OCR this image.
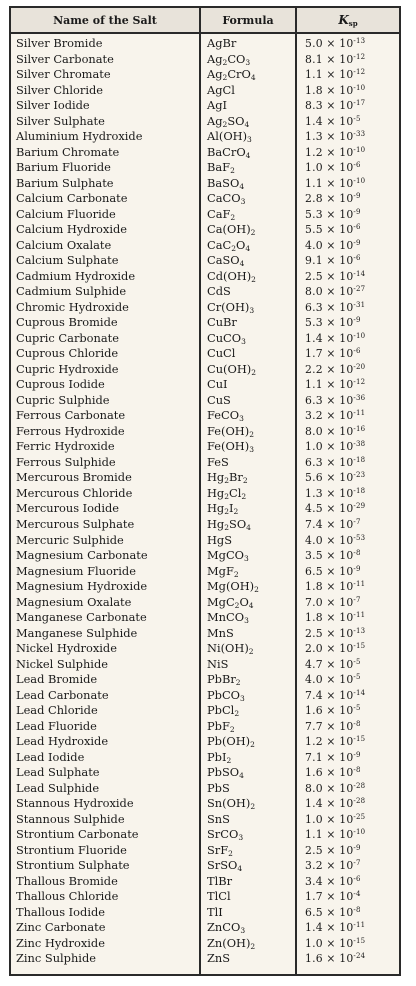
Name of the Salt	Formula	$K_{sp}$
Silver Bromide
Silver Carbonate
Silver Chromate
Silver Chloride
Silver Iodide
Silver Sulphate
Aluminium Hydroxide
Barium Chromate
Barium Fluoride
Barium Sulphate
Calcium Carbonate
Calcium Fluoride
Calcium Hydroxide
Calcium Oxalate
Calcium Sulphate
Cadmium Hydroxide
Cadmium Sulphide
Chromic Hydroxide
Cuprous Bromide
Cupric Carbonate
Cuprous Chloride
Cupric Hydroxide
Cuprous Iodide
Cupric Sulphide
Ferrous Carbonate
Ferrous Hydroxide
Ferric Hydroxide
Ferrous Sulphide
Mercurous Bromide
Mercurous Chloride
Mercurous Iodide
Mercurous Sulphate
Mercuric Sulphide
Magnesium Carbonate
Magnesium Fluoride
Magnesium Hydroxide
Magnesium Oxalate
Manganese Carbonate
Manganese Sulphide
Nickel Hydroxide
Nickel Sulphide
Lead Bromide
Lead Carbonate
Lead Chloride
Lead Fluoride
Lead Hydroxide
Lead Iodide
Lead Sulphate
Lead Sulphide
Stannous Hydroxide
Stannous Sulphide
Strontium Carbonate
Strontium Fluoride
Strontium Sulphate
Thallous Bromide
Thallous Chloride
Thallous Iodide
Zinc Carbonate
Zinc Hydroxide
Zinc Sulphide
AgBr
$Ag_2CO_3$
$Ag_2CrO_4$
AgCl
AgI
$Ag_2SO_4$
$Al(OH)_3$
BaCrO$_4$
BaF$_2$
BaSO$_4$
CaCO$_3$
CaF$_2$
$Ca(OH)_2$
$CaC_2O_4$
CaSO$_4$
$Cd(OH)_2$
CdS
$Cr(OH)_3$
CuBr
CuCO$_3$
CuCl
$Cu(OH)_2$
CuI
CuS
FeCO$_3$
$Fe(OH)_2$
$Fe(OH)_3$
FeS
$Hg_2Br_2$
$Hg_2Cl_2$
$Hg_2I_2$
$Hg_2SO_4$
HgS
MgCO$_3$
MgF$_2$
$Mg(OH)_2$
$MgC_2O_4$
MnCO$_3$
MnS
$Ni(OH)_2$
NiS
PbBr$_2$
PbCO$_3$
PbCl$_2$
PbF$_2$
$Pb(OH)_2$
PbI$_2$
PbSO$_4$
PbS
$Sn(OH)_2$
SnS
SrCO$_3$
SrF$_2$
SrSO$_4$
TlBr
TlCl
TlI
ZnCO$_3$
$Zn(OH)_2$
ZnS
$5.0 \times 10^{-13}$
$8.1 \times 10^{-12}$
$1.1 \times 10^{-12}$
$1.8 \times 10^{-10}$
$8.3 \times 10^{-17}$
$1.4 \times 10^{-5}$
$1.3 \times 10^{-33}$
$1.2 \times 10^{-10}$
$1.0 \times 10^{-6}$
$1.1 \times 10^{-10}$
$2.8 \times 10^{-9}$
$5.3 \times 10^{-9}$
$5.5 \times 10^{-6}$
$4.0 \times 10^{-9}$
$9.1 \times 10^{-6}$
$2.5 \times 10^{-14}$
$8.0 \times 10^{-27}$
$6.3 \times 10^{-31}$
$5.3 \times 10^{-9}$
$1.4 \times 10^{-10}$
$1.7 \times 10^{-6}$
$2.2 \times 10^{-20}$
$1.1 \times 10^{-12}$
$6.3 \times 10^{-36}$
$3.2 \times 10^{-11}$
$8.0 \times 10^{-16}$
$1.0 \times 10^{-38}$
$6.3 \times 10^{-18}$
$5.6 \times 10^{-23}$
$1.3 \times 10^{-18}$
$4.5 \times 10^{-29}$
$7.4 \times 10^{-7}$
$4.0 \times 10^{-53}$
$3.5 \times 10^{-8}$
$6.5 \times 10^{-9}$
$1.8 \times 10^{-11}$
$7.0 \times 10^{-7}$
$1.8 \times 10^{-11}$
$2.5 \times 10^{-13}$
$2.0 \times 10^{-15}$
$4.7 \times 10^{-5}$
$4.0 \times 10^{-5}$
$7.4 \times 10^{-14}$
$1.6 \times 10^{-5}$
$7.7 \times 10^{-8}$
$1.2 \times 10^{-15}$
$7.1 \times 10^{-9}$
$1.6 \times 10^{-8}$
$8.0 \times 10^{-28}$
$1.4 \times 10^{-28}$
$1.0 \times 10^{-25}$
$1.1 \times 10^{-10}$
$2.5 \times 10^{-9}$
$3.2 \times 10^{-7}$
$3.4 \times 10^{-6}$
$1.7 \times 10^{-4}$
$6.5 \times 10^{-8}$
$1.4 \times 10^{-11}$
$1.0 \times 10^{-15}$
$1.6 \times 10^{-24}$
